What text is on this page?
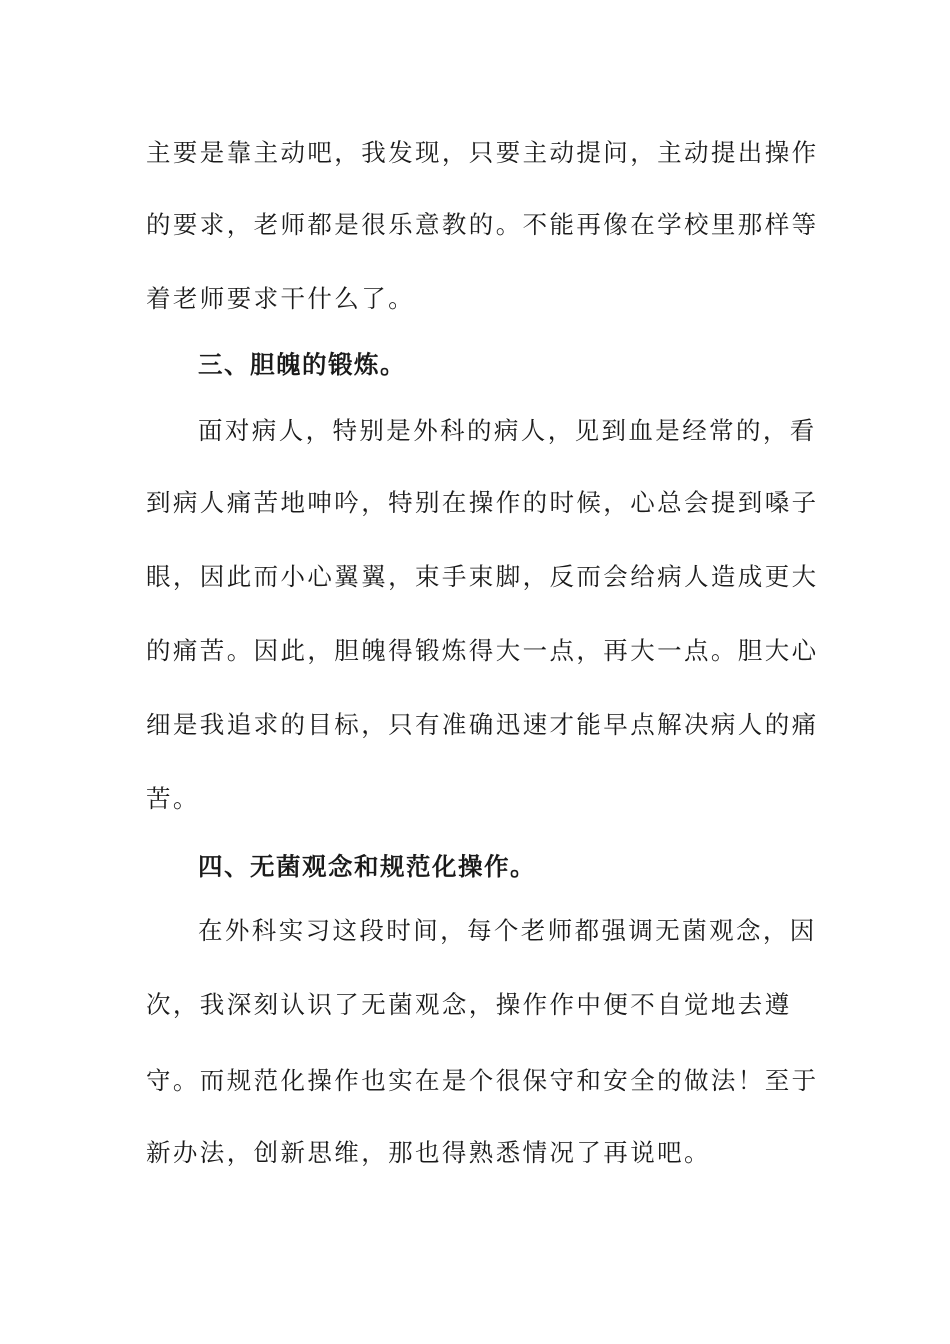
主要是靠主动吧，我发现，只要主动提问，主动提出操作
的要求，老师都是很乐意教的。不能再像在学校里那样等
着老师要求干什么了。
三、胆魄的锻炼。
面对病人，特别是外科的病人，见到血是经常的，看
到病人痛苦地呻吟，特别在操作的时候，心总会提到嗓子
眼，因此而小心翼翼，束手束脚，反而会给病人造成更大
的痛苦。因此，胆魄得锻炼得大一点，再大一点。胆大心
细是我追求的目标，只有准确迅速才能早点解决病人的痛
苦。
四、无菌观念和规范化操作。
在外科实习这段时间，每个老师都强调无菌观念，因
次，我深刻认识了无菌观念，操作作中便不自觉地去遵
守。而规范化操作也实在是个很保守和安全的做法！至于
新办法，创新思维，那也得熟悉情况了再说吧。
